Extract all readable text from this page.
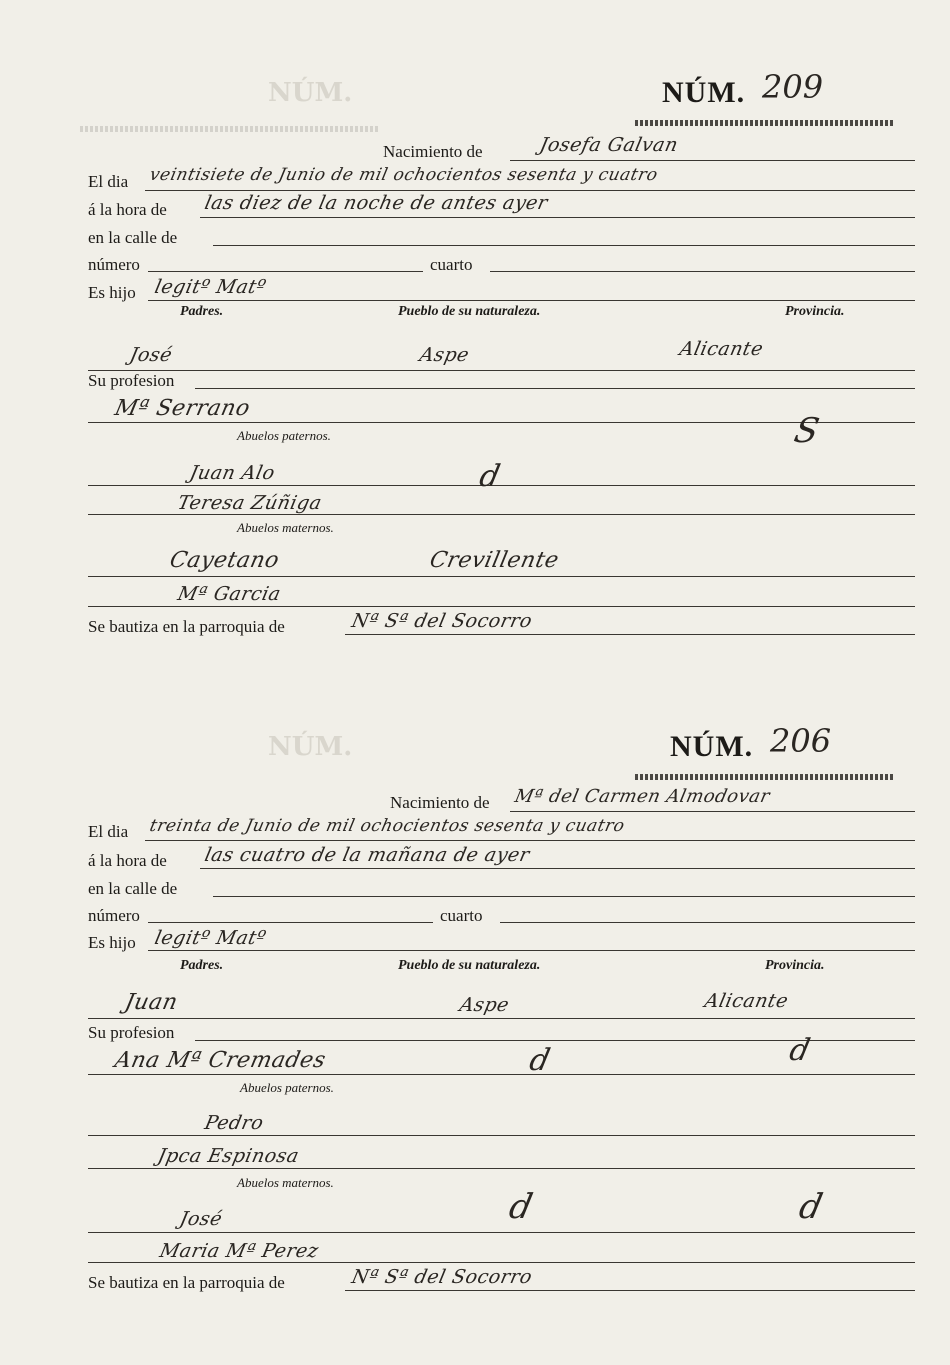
NÚM.
NÚM.
NÚM. 209
Nacimiento de	Josefa Galvan
El dia veintisiete de Junio de mil ochocientos sesenta y cuatro
á la hora de las diez de la noche de antes ayer
en la calle de
número	cuarto
Es hijo legitº Matº
Padres.	Pueblo de su naturaleza.	Provincia.
José	Aspe	Alicante
Su profesion
Mª Serrano
Abuelos paternos.
Juan Alo
Teresa Zúñiga
Abuelos maternos.
Cayetano	Crevillente
Mª Garcia
Se bautiza en la parroquia de	Nª Sª del Socorro
d
S
NÚM. 206
Nacimiento de Mª del Carmen Almodovar
El dia treinta de Junio de mil ochocientos sesenta y cuatro
á la hora de las cuatro de la mañana de ayer
en la calle de
número	cuarto
Es hijo legitº Matº
Padres.	Pueblo de su naturaleza.	Provincia.
Juan	Aspe	Alicante
Su profesion
Ana Mª Cremades
Abuelos paternos.
Pedro
Jpca Espinosa
Abuelos maternos.
José
Maria Mª Perez
Se bautiza en la parroquia de	Nª Sª del Socorro
d	d
d	d
